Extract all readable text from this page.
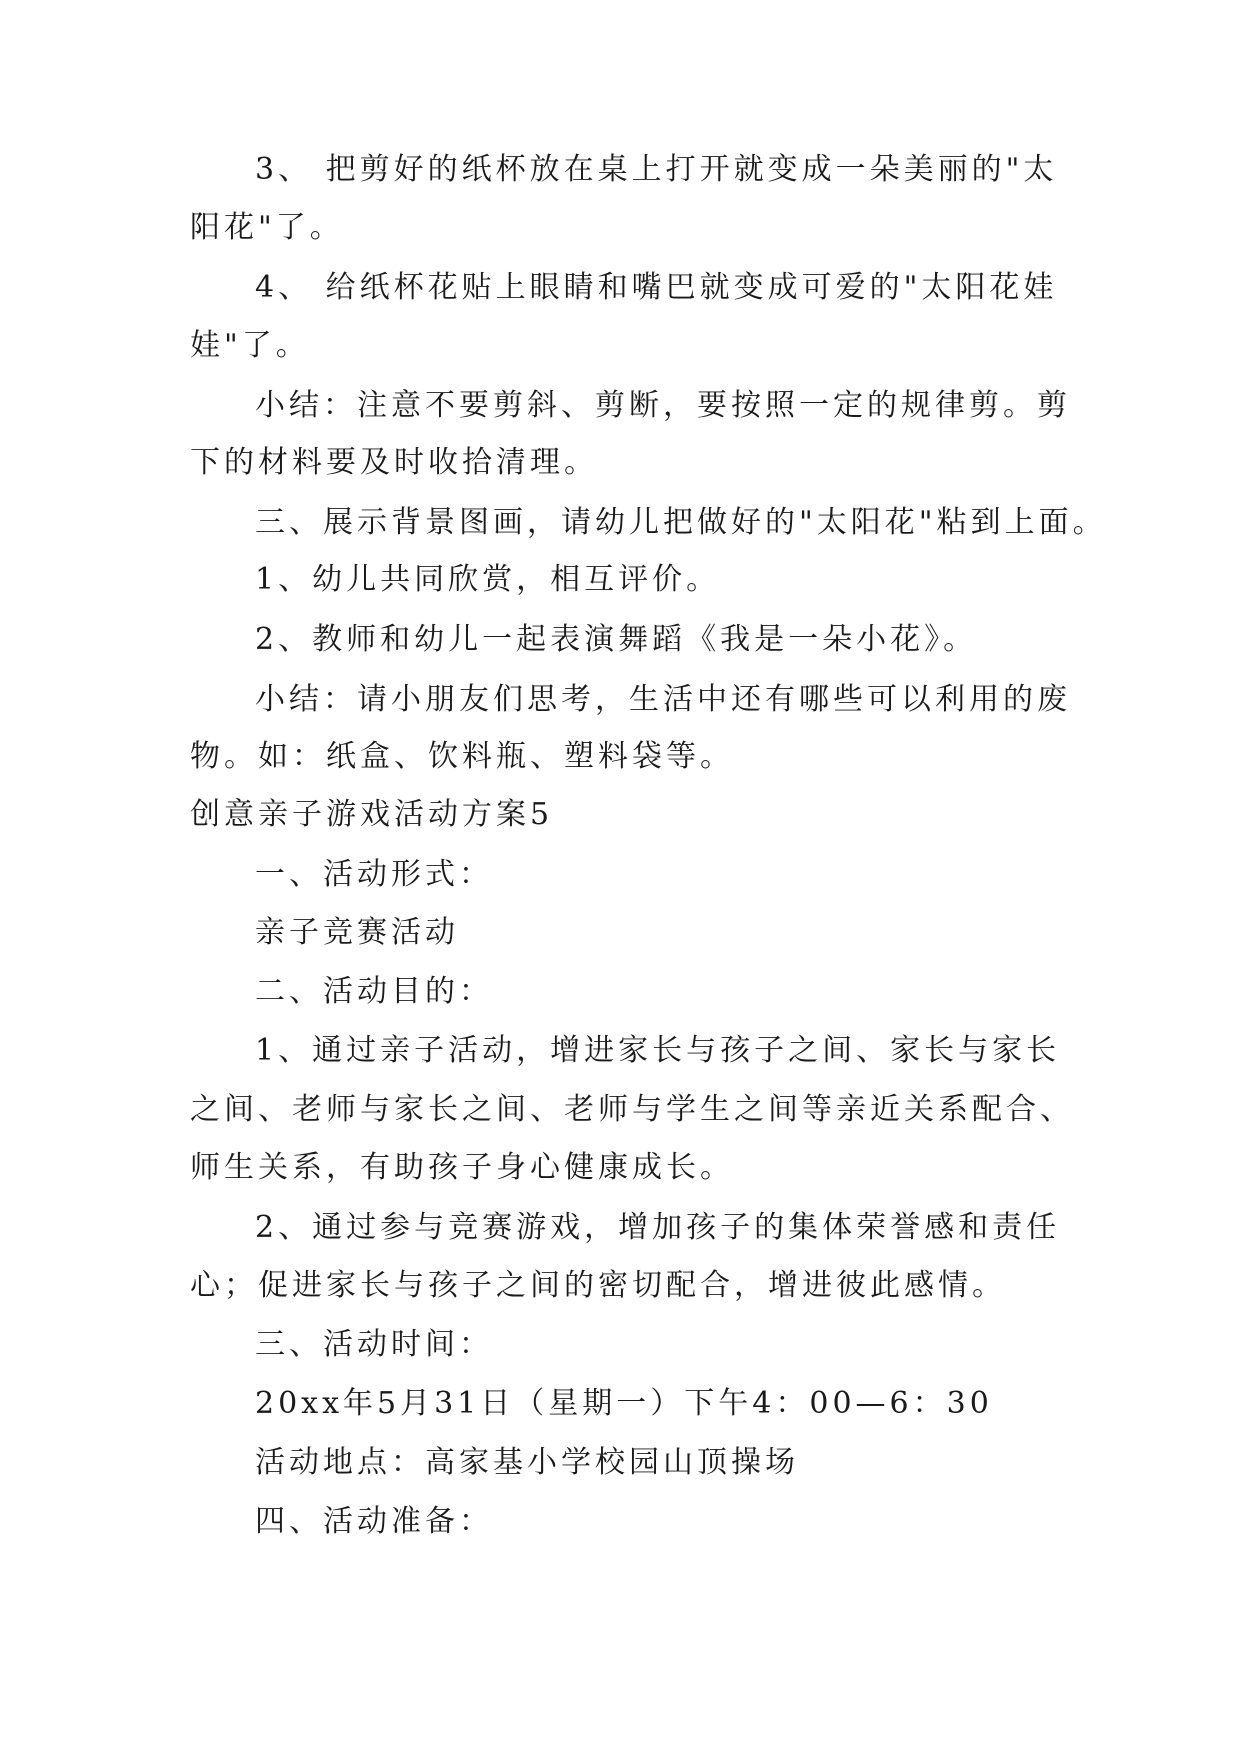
3、 把剪好的纸杯放在桌上打开就变成一朵美丽的"太
阳花"了。
4、 给纸杯花贴上眼睛和嘴巴就变成可爱的"太阳花娃
娃"了。
小结：注意不要剪斜、剪断，要按照一定的规律剪。剪
下的材料要及时收拾清理。
三、展示背景图画，请幼儿把做好的"太阳花"粘到上面。
1、幼儿共同欣赏，相互评价。
2、教师和幼儿一起表演舞蹈《我是一朵小花》。
小结：请小朋友们思考，生活中还有哪些可以利用的废
物。如：纸盒、饮料瓶、塑料袋等。
创意亲子游戏活动方案5
一、活动形式：
亲子竞赛活动
二、活动目的：
1、通过亲子活动，增进家长与孩子之间、家长与家长
之间、老师与家长之间、老师与学生之间等亲近关系配合、
师生关系，有助孩子身心健康成长。
2、通过参与竞赛游戏，增加孩子的集体荣誉感和责任
心；促进家长与孩子之间的密切配合，增进彼此感情。
三、活动时间：
20xx年5月31日（星期一）下午4：00—6：30
活动地点：高家基小学校园山顶操场
四、活动准备：
